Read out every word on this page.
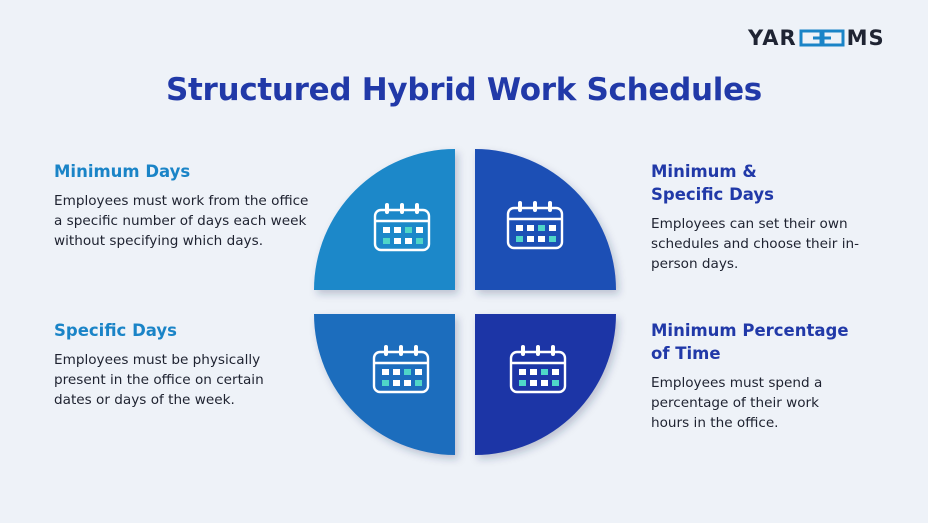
YAR MS
Structured Hybrid Work Schedules
Minimum Days

Employees must work from the office a specific number of days each week without specifying which days.

Minimum & Specific Days

Employees can set their own schedules and choose their in-person days.

Specific Days

Employees must be physically present in the office on certain dates or days of the week.

Minimum Percentage of Time

Employees must spend a percentage of their work hours in the office.
